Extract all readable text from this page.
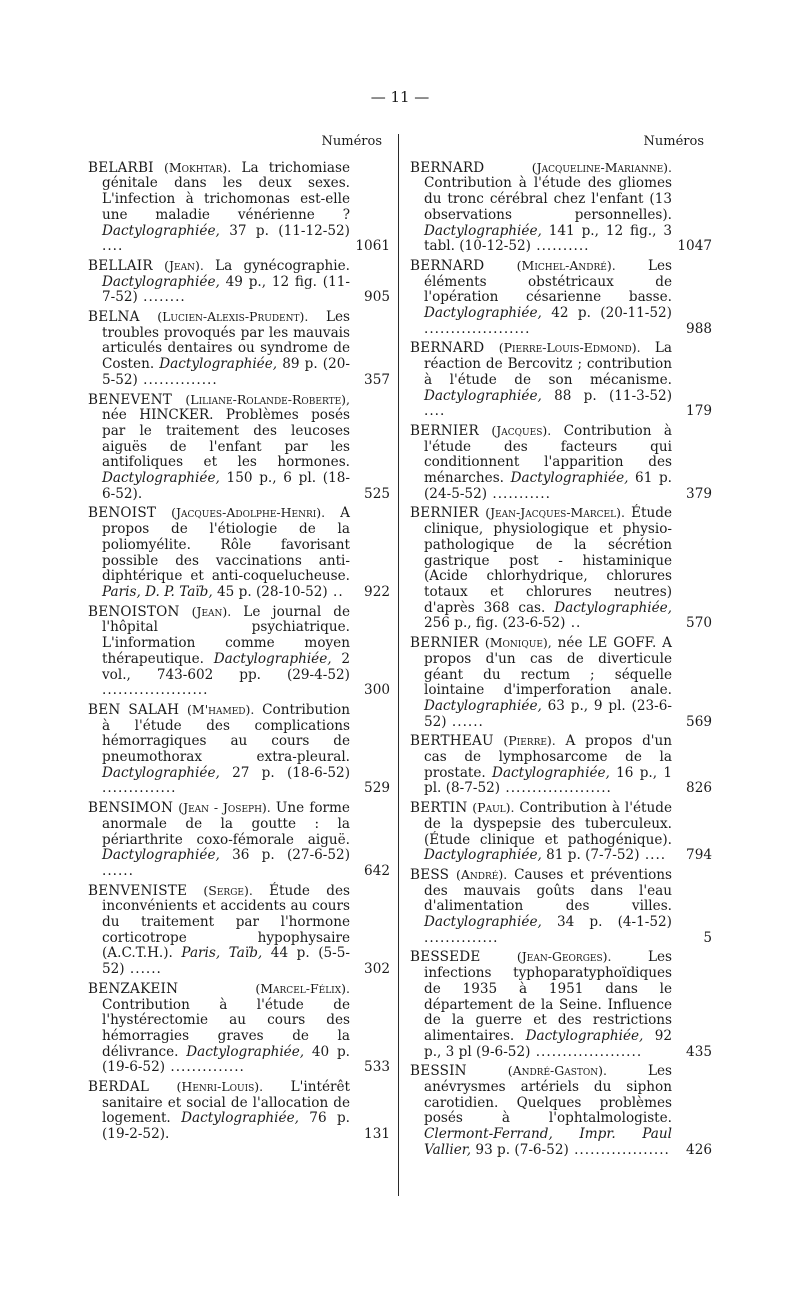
— 11 —
Numéros
BELARBI (Mokhtar). La trichomiase génitale dans les deux sexes. L'infection à trichomonas est-elle une maladie vénérienne ? Dactylographiée, 37 p. (11-12-52) ....	1061
BELLAIR (Jean). La gynécographie. Dactylographiée, 49 p., 12 fig. (11-7-52) ........	905
BELNA (Lucien-Alexis-Prudent). Les troubles provoqués par les mauvais articulés dentaires ou syndrome de Costen. Dactylographiée, 89 p. (20-5-52) ..............	357
BENEVENT (Liliane-Rolande-Roberte), née HINCKER. Problèmes posés par le traitement des leucoses aiguës de l'enfant par les antifoliques et les hormones. Dactylographiée, 150 p., 6 pl. (18-6-52).	525
BENOIST (Jacques-Adolphe-Henri). A propos de l'étiologie de la poliomyélite. Rôle favorisant possible des vaccinations anti-diphtérique et anti-coquelucheuse. Paris, D. P. Taïb, 45 p. (28-10-52) ..	922
BENOISTON (Jean). Le journal de l'hôpital psychiatrique. L'information comme moyen thérapeutique. Dactylographiée, 2 vol., 743-602 pp. (29-4-52) ....................	300
BEN SALAH (M'hamed). Contribution à l'étude des complications hémorragiques au cours de pneumothorax extra-pleural. Dactylographiée, 27 p. (18-6-52) ..............	529
BENSIMON (Jean - Joseph). Une forme anormale de la goutte : la périarthrite coxo-fémorale aiguë. Dactylographiée, 36 p. (27-6-52) ......	642
BENVENISTE (Serge). Étude des inconvénients et accidents au cours du traitement par l'hormone corticotrope hypophysaire (A.C.T.H.). Paris, Taïb, 44 p. (5-5-52) ......	302
BENZAKEIN	(Marcel-Félix). Contribution à l'étude de l'hystérectomie au cours des hémorragies graves de la délivrance. Dactylographiée, 40 p. (19-6-52) ..............	533
BERDAL (Henri-Louis). L'intérêt sanitaire et social de l'allocation de logement. Dactylographiée, 76 p. (19-2-52).	131
Numéros
BERNARD	(Jacqueline-Marianne). Contribution à l'étude des gliomes du tronc cérébral chez l'enfant (13 observations personnelles). Dactylographiée, 141 p., 12 fig., 3 tabl. (10-12-52) ..........	1047
BERNARD	(Michel-André). Les éléments obstétricaux de l'opération césarienne basse. Dactylographiée, 42 p. (20-11-52) ....................	988
BERNARD (Pierre-Louis-Edmond). La réaction de Bercovitz ; contribution à l'étude de son mécanisme. Dactylographiée, 88 p. (11-3-52) ....	179
BERNIER (Jacques). Contribution à l'étude des facteurs qui conditionnent l'apparition des ménarches. Dactylographiée, 61 p. (24-5-52) ...........	379
BERNIER (Jean-Jacques-Marcel). Étude clinique, physiologique et physio-pathologique de la sécrétion gastrique post - histaminique (Acide chlorhydrique, chlorures totaux et chlorures neutres) d'après 368 cas. Dactylographiée, 256 p., fig. (23-6-52) ..	570
BERNIER (Monique), née LE GOFF. A propos d'un cas de diverticule géant du rectum ; séquelle lointaine d'imperforation anale. Dactylographiée, 63 p., 9 pl. (23-6-52) ......	569
BERTHEAU (Pierre). A propos d'un cas de lymphosarcome de la prostate. Dactylographiée, 16 p., 1 pl. (8-7-52) ....................	826
BERTIN (Paul). Contribution à l'étude de la dyspepsie des tuberculeux. (Étude clinique et pathogénique). Dactylographiée, 81 p. (7-7-52) ....	794
BESS (André). Causes et préventions des mauvais goûts dans l'eau d'alimentation des villes. Dactylographiée, 34 p. (4-1-52) ..............	5
BESSEDE	(Jean-Georges).	Les infections typhoparatyphoïdiques de 1935 à 1951 dans le département de la Seine. Influence de la guerre et des restrictions alimentaires. Dactylographiée, 92 p., 3 pl (9-6-52) ....................	435
BESSIN	(André-Gaston).	Les anévrysmes artériels du siphon carotidien. Quelques problèmes posés à l'ophtalmologiste. Clermont-Ferrand, Impr. Paul Vallier, 93 p. (7-6-52) ..................	426
